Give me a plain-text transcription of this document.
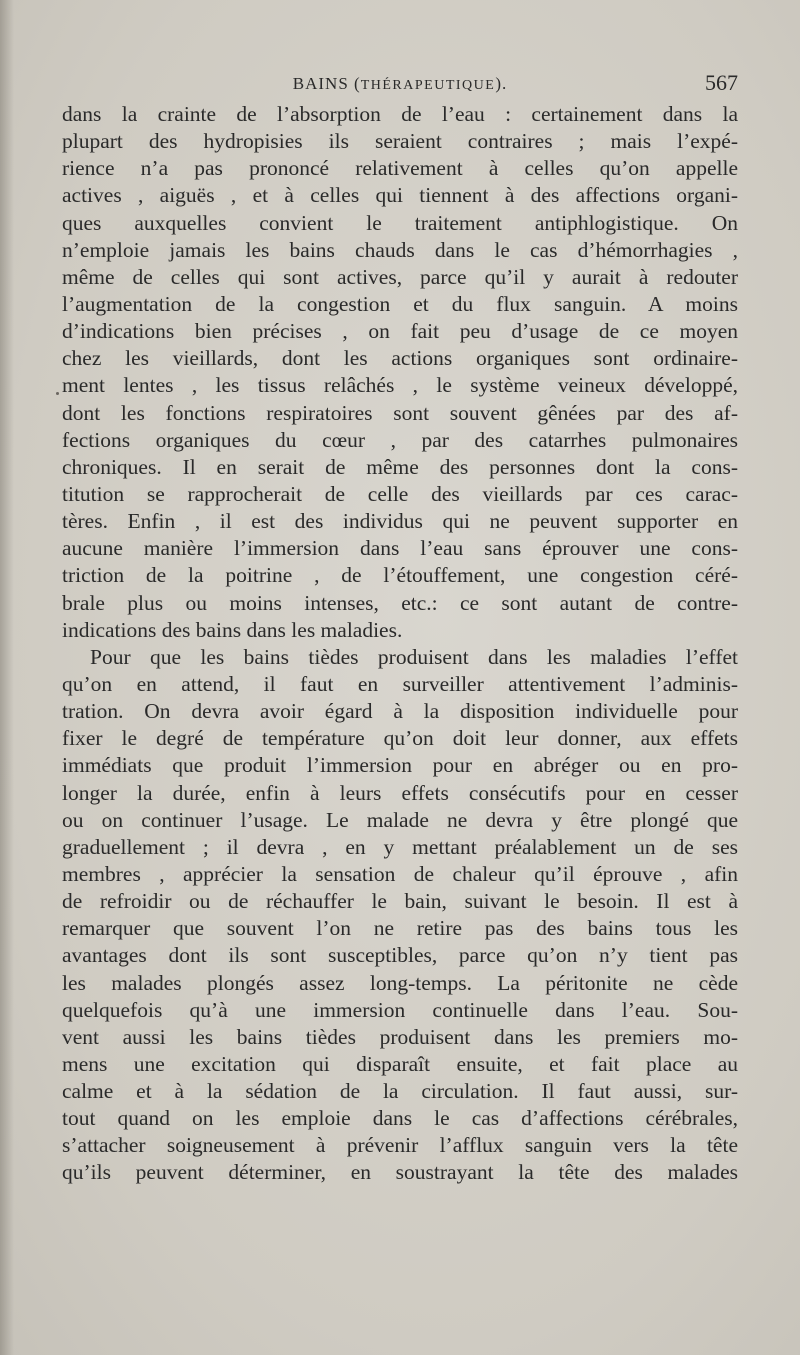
BAINS (THÉRAPEUTIQUE).	567
dans la crainte de l’absorption de l’eau : certainement dans la
plupart des hydropisies ils seraient contraires ; mais l’expé-
rience n’a pas prononcé relativement à celles qu’on appelle
actives , aiguës , et à celles qui tiennent à des affections organi-
ques auxquelles convient le traitement antiphlogistique. On
n’emploie jamais les bains chauds dans le cas d’hémorrhagies ,
même de celles qui sont actives, parce qu’il y aurait à redouter
l’augmentation de la congestion et du flux sanguin. A moins
d’indications bien précises , on fait peu d’usage de ce moyen
chez les vieillards, dont les actions organiques sont ordinaire-
ment lentes , les tissus relâchés , le système veineux développé,
dont les fonctions respiratoires sont souvent gênées par des af-
fections organiques du cœur , par des catarrhes pulmonaires
chroniques. Il en serait de même des personnes dont la cons-
titution se rapprocherait de celle des vieillards par ces carac-
tères. Enfin , il est des individus qui ne peuvent supporter en
aucune manière l’immersion dans l’eau sans éprouver une cons-
triction de la poitrine , de l’étouffement, une congestion céré-
brale plus ou moins intenses, etc.: ce sont autant de contre-
indications des bains dans les maladies.
Pour que les bains tièdes produisent dans les maladies l’effet
qu’on en attend, il faut en surveiller attentivement l’adminis-
tration. On devra avoir égard à la disposition individuelle pour
fixer le degré de température qu’on doit leur donner, aux effets
immédiats que produit l’immersion pour en abréger ou en pro-
longer la durée, enfin à leurs effets consécutifs pour en cesser
ou on continuer l’usage. Le malade ne devra y être plongé que
graduellement ; il devra , en y mettant préalablement un de ses
membres , apprécier la sensation de chaleur qu’il éprouve , afin
de refroidir ou de réchauffer le bain, suivant le besoin. Il est à
remarquer que souvent l’on ne retire pas des bains tous les
avantages dont ils sont susceptibles, parce qu’on n’y tient pas
les malades plongés assez long-temps. La péritonite ne cède
quelquefois qu’à une immersion continuelle dans l’eau. Sou-
vent aussi les bains tièdes produisent dans les premiers mo-
mens une excitation qui disparaît ensuite, et fait place au
calme et à la sédation de la circulation. Il faut aussi, sur-
tout quand on les emploie dans le cas d’affections cérébrales,
s’attacher soigneusement à prévenir l’afflux sanguin vers la tête
qu’ils peuvent déterminer, en soustrayant la tête des malades
